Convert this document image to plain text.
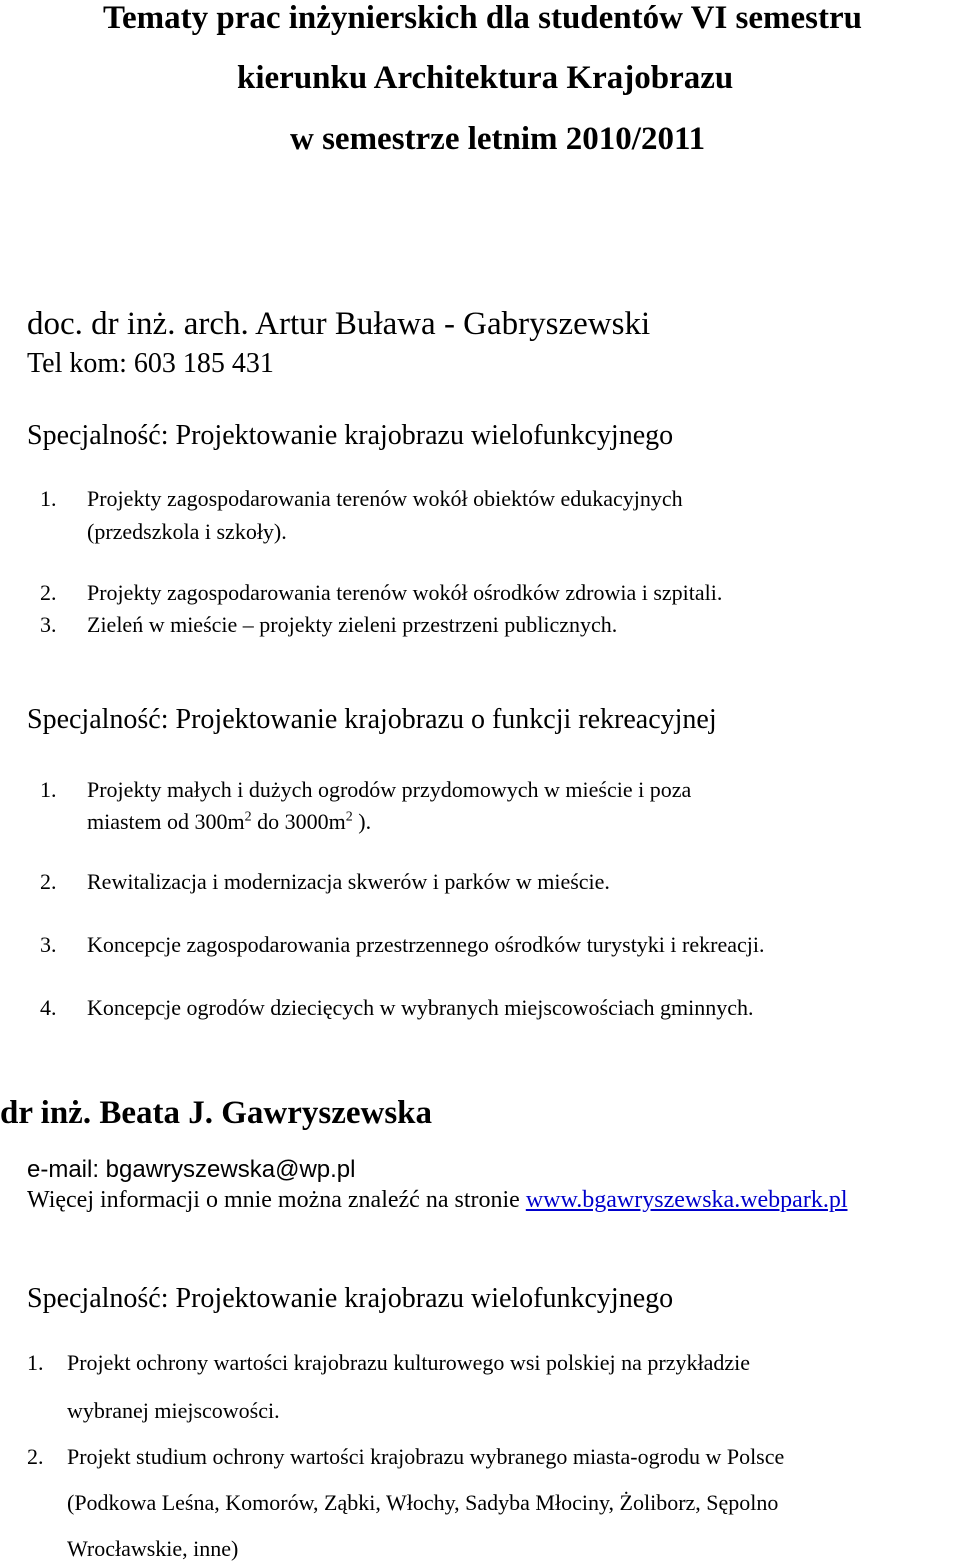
Tematy prac inżynierskich dla studentów VI semestru
kierunku Architektura Krajobrazu
w semestrze letnim 2010/2011
doc. dr inż. arch. Artur Buława - Gabryszewski
Tel kom: 603 185 431
Specjalność: Projektowanie krajobrazu wielofunkcyjnego
1. Projekty zagospodarowania terenów wokół obiektów edukacyjnych
(przedszkola i szkoły).
2. Projekty zagospodarowania terenów wokół ośrodków zdrowia i szpitali.
3. Zieleń w mieście – projekty zieleni przestrzeni publicznych.
Specjalność: Projektowanie krajobrazu o funkcji rekreacyjnej
1. Projekty małych i dużych ogrodów przydomowych w mieście i poza
miastem od $300m^2$ do $3000m^2$ ).
2. Rewitalizacja i modernizacja skwerów i parków w mieście.
3. Koncepcje zagospodarowania przestrzennego ośrodków turystyki i rekreacji.
4. Koncepcje ogrodów dziecięcych w wybranych miejscowościach gminnych.
dr inż. Beata J. Gawryszewska
e-mail: bgawryszewska@wp.pl
Więcej informacji o mnie można znaleźć na stronie www.bgawryszewska.webpark.pl
Specjalność: Projektowanie krajobrazu wielofunkcyjnego
1. Projekt ochrony wartości krajobrazu kulturowego wsi polskiej na przykładzie
wybranej miejscowości.
2. Projekt studium ochrony wartości krajobrazu wybranego miasta-ogrodu w Polsce
(Podkowa Leśna, Komorów, Ząbki, Włochy, Sadyba Młociny, Żoliborz, Sępolno
Wrocławskie, inne)
